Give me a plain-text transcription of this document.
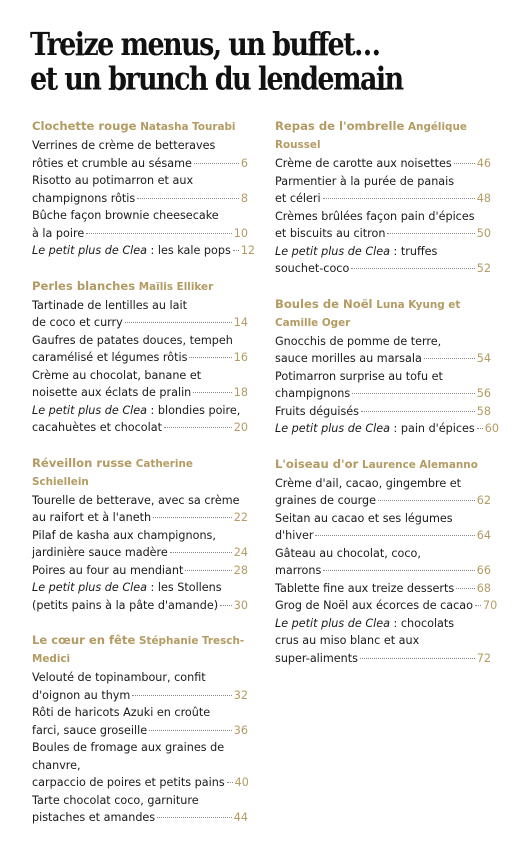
Treize menus, un buffet…
et un brunch du lendemain
Clochette rouge Natasha Tourabi
Verrines de crème de betteraves
rôties et crumble au sésame	6
Risotto au potimarron et aux
champignons rôtis	8
Bûche façon brownie cheesecake
à la poire	10
Le petit plus de Clea : les kale pops 12
Perles blanches Maïlis Elliker
Tartinade de lentilles au lait
de coco et curry	14
Gaufres de patates douces, tempeh
caramélisé et légumes rôtis	16
Crème au chocolat, banane et
noisette aux éclats de pralin	18
Le petit plus de Clea : blondies poire,
cacahuètes et chocolat	20
Réveillon russe Catherine Schiellein
Tourelle de betterave, avec sa crème
au raifort et à l'aneth	22
Pilaf de kasha aux champignons,
jardinière sauce madère	24
Poires au four au mendiant	28
Le petit plus de Clea : les Stollens
(petits pains à la pâte d'amande) 30
Le cœur en fête Stéphanie Tresch-Medici
Velouté de topinambour, confit
d'oignon au thym	32
Rôti de haricots Azuki en croûte
farci, sauce groseille	36
Boules de fromage aux graines de chanvre,
carpaccio de poires et petits pains 40
Tarte chocolat coco, garniture
pistaches et amandes	44
Repas de l'ombrelle Angélique Roussel
Crème de carotte aux noisettes 46
Parmentier à la purée de panais
et céleri	48
Crèmes brûlées façon pain d'épices
et biscuits au citron	50
Le petit plus de Clea : truffes
souchet-coco	52
Boules de Noël Luna Kyung et Camille Oger
Gnocchis de pomme de terre,
sauce morilles au marsala	54
Potimarron surprise au tofu et
champignons	56
Fruits déguisés	58
Le petit plus de Clea : pain d'épices 60
L'oiseau d'or Laurence Alemanno
Crème d'ail, cacao, gingembre et
graines de courge	62
Seitan au cacao et ses légumes
d'hiver	64
Gâteau au chocolat, coco,
marrons	66
Tablette fine aux treize desserts 68
Grog de Noël aux écorces de cacao 70
Le petit plus de Clea : chocolats
crus au miso blanc et aux
super-aliments	72
